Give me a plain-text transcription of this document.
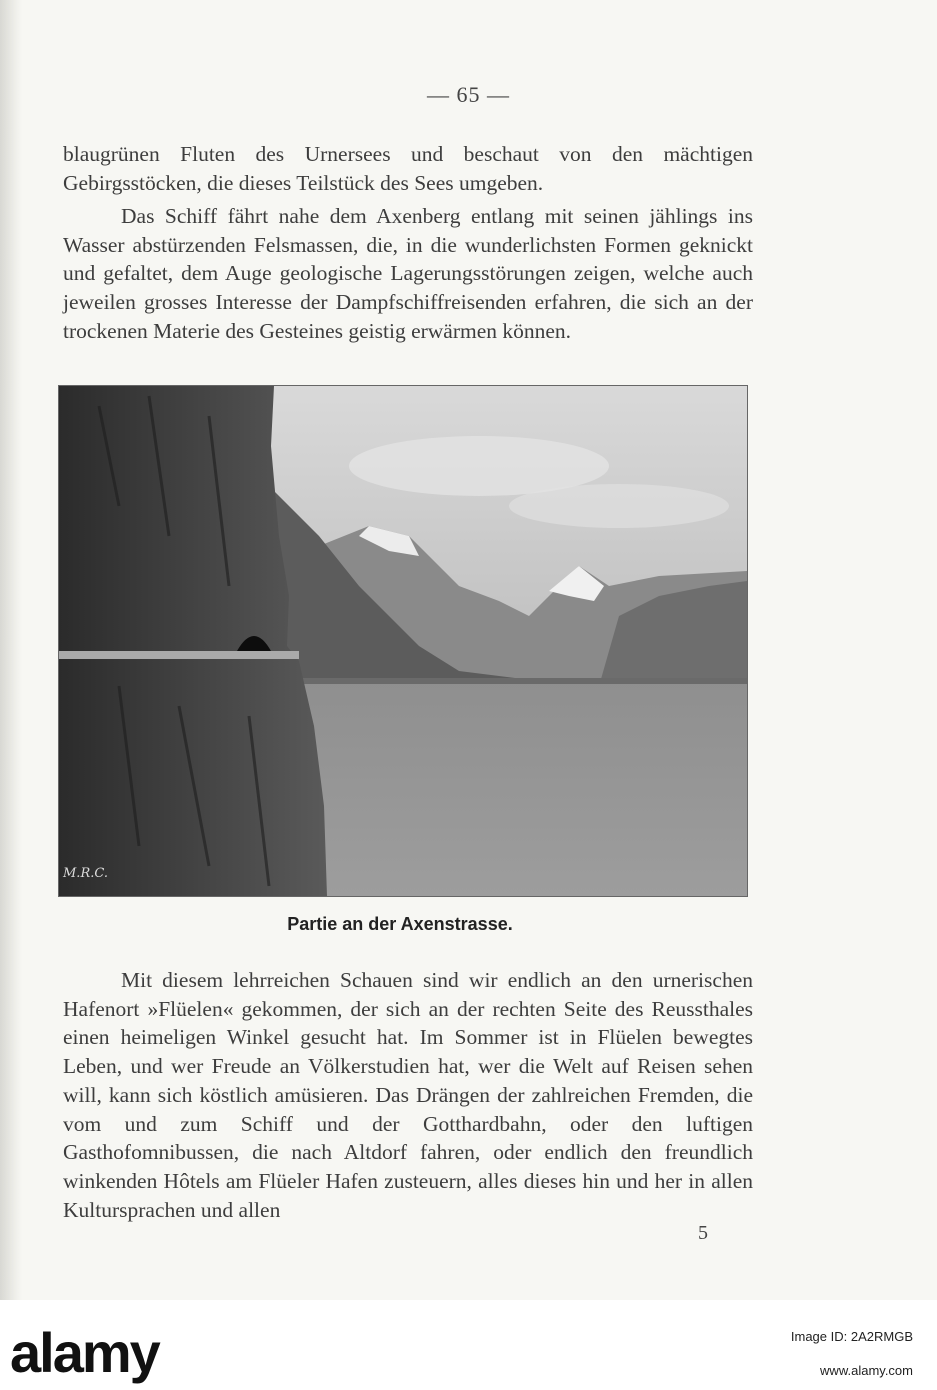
— 65 —
blaugrünen Fluten des Urnersees und beschaut von den mächtigen Gebirgsstöcken, die dieses Teilstück des Sees umgeben.
Das Schiff fährt nahe dem Axenberg entlang mit seinen jählings ins Wasser abstürzenden Felsmassen, die, in die wunderlichsten Formen geknickt und gefaltet, dem Auge geologische Lagerungsstörungen zeigen, welche auch jeweilen grosses Interesse der Dampfschiffreisenden erfahren, die sich an der trockenen Materie des Gesteines geistig erwärmen können.
M.R.C.
Partie an der Axenstrasse.
Mit diesem lehrreichen Schauen sind wir endlich an den urnerischen Hafenort »Flüelen« gekommen, der sich an der rechten Seite des Reussthales einen heimeligen Winkel gesucht hat. Im Sommer ist in Flüelen bewegtes Leben, und wer Freude an Völkerstudien hat, wer die Welt auf Reisen sehen will, kann sich köstlich amüsieren. Das Drängen der zahlreichen Fremden, die vom und zum Schiff und der Gotthardbahn, oder den luftigen Gasthofomnibussen, die nach Altdorf fahren, oder endlich den freundlich winkenden Hôtels am Flüeler Hafen zusteuern, alles dieses hin und her in allen Kultursprachen und allen
5
alamy	Image ID: 2A2RMGB
www.alamy.com
